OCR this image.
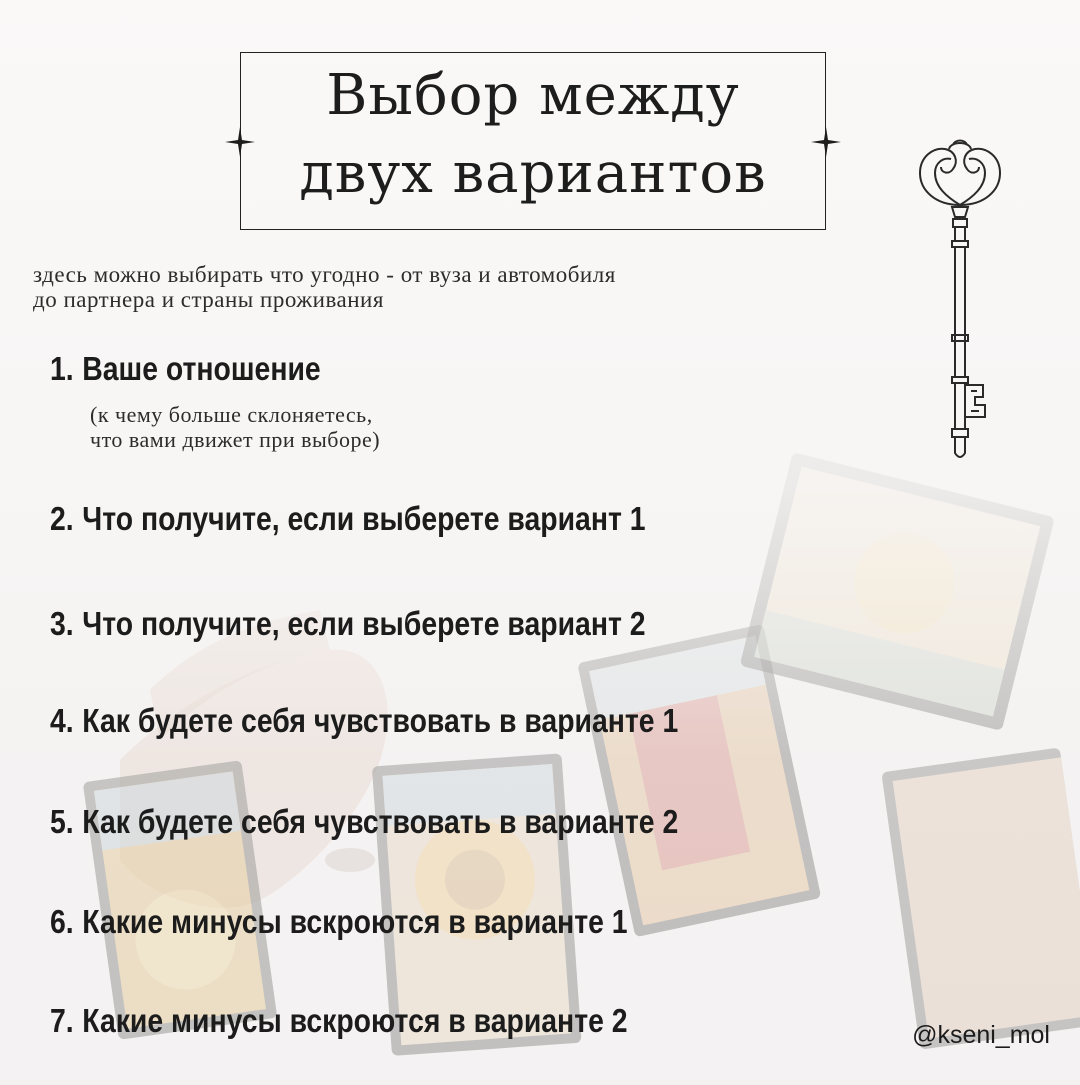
Выбор между
двух вариантов
здесь можно выбирать что угодно - от вуза и автомобиля
до партнера и страны проживания
1. Ваше отношение
(к чему больше склоняетесь,
что вами движет при выборе)
2. Что получите, если выберете вариант 1
3. Что получите, если выберете вариант 2
4. Как будете себя чувствовать в варианте 1
5. Как будете себя чувствовать в варианте 2
6. Какие минусы вскроются в варианте 1
7. Какие минусы вскроются в варианте 2	@kseni_mol
